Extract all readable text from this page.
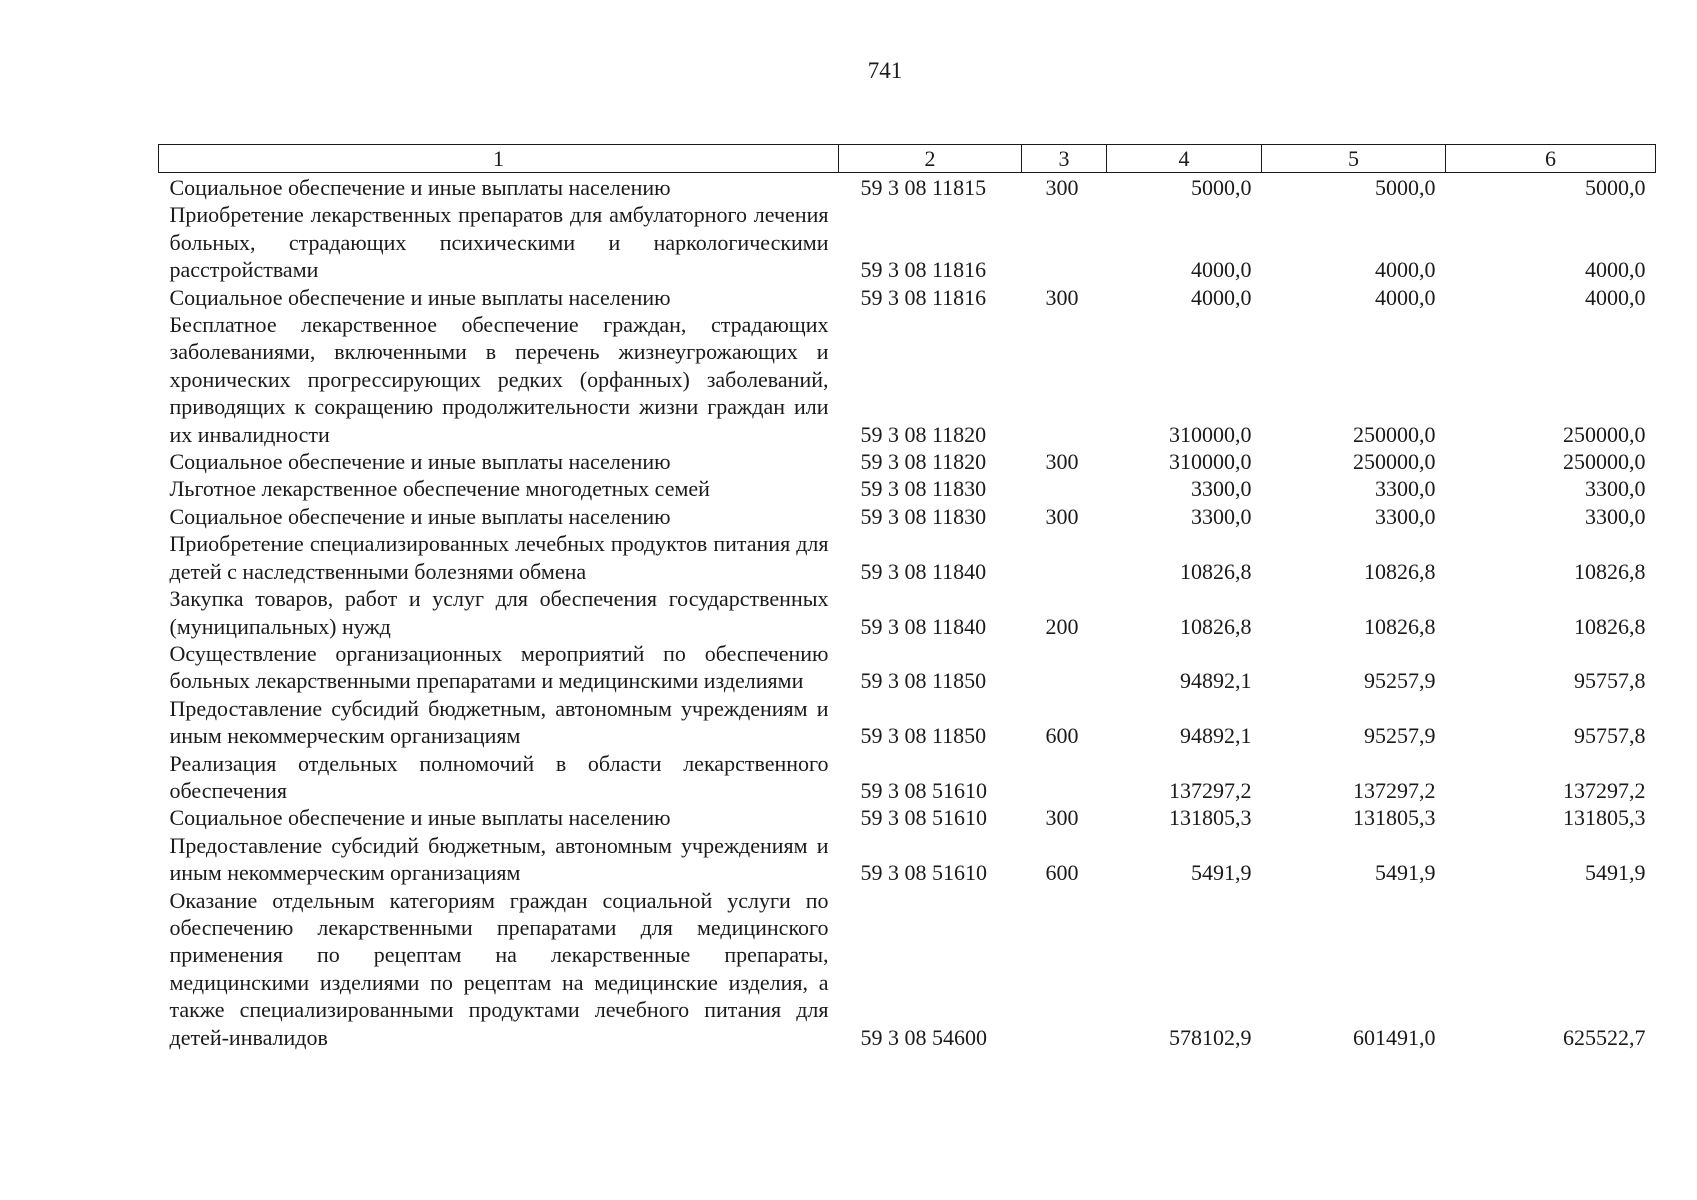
741
1	2	3	4	5	6
Социальное обеспечение и иные выплаты населению	59 3 08 11815	300	5000,0	5000,0	5000,0
Приобретение лекарственных препаратов для амбулаторного лечения больных, страдающих психическими и наркологическими расстройствами	59 3 08 11816		4000,0	4000,0	4000,0
Социальное обеспечение и иные выплаты населению	59 3 08 11816	300	4000,0	4000,0	4000,0
Бесплатное лекарственное обеспечение граждан, страдающих заболеваниями, включенными в перечень жизнеугрожающих и хронических прогрессирующих редких (орфанных) заболеваний, приводящих к сокращению продолжительности жизни граждан или их инвалидности	59 3 08 11820		310000,0	250000,0	250000,0
Социальное обеспечение и иные выплаты населению	59 3 08 11820	300	310000,0	250000,0	250000,0
Льготное лекарственное обеспечение многодетных семей	59 3 08 11830		3300,0	3300,0	3300,0
Социальное обеспечение и иные выплаты населению	59 3 08 11830	300	3300,0	3300,0	3300,0
Приобретение специализированных лечебных продуктов питания для детей с наследственными болезнями обмена	59 3 08 11840		10826,8	10826,8	10826,8
Закупка товаров, работ и услуг для обеспечения государственных (муниципальных) нужд	59 3 08 11840	200	10826,8	10826,8	10826,8
Осуществление организационных мероприятий по обеспечению больных лекарственными препаратами и медицинскими изделиями	59 3 08 11850		94892,1	95257,9	95757,8
Предоставление субсидий бюджетным, автономным учреждениям и иным некоммерческим организациям	59 3 08 11850	600	94892,1	95257,9	95757,8
Реализация отдельных полномочий в области лекарственного обеспечения	59 3 08 51610		137297,2	137297,2	137297,2
Социальное обеспечение и иные выплаты населению	59 3 08 51610	300	131805,3	131805,3	131805,3
Предоставление субсидий бюджетным, автономным учреждениям и иным некоммерческим организациям	59 3 08 51610	600	5491,9	5491,9	5491,9
Оказание отдельным категориям граждан социальной услуги по обеспечению лекарственными препаратами для медицинского применения по рецептам на лекарственные препараты, медицинскими изделиями по рецептам на медицинские изделия, а также специализированными продуктами лечебного питания для детей-инвалидов	59 3 08 54600		578102,9	601491,0	625522,7
